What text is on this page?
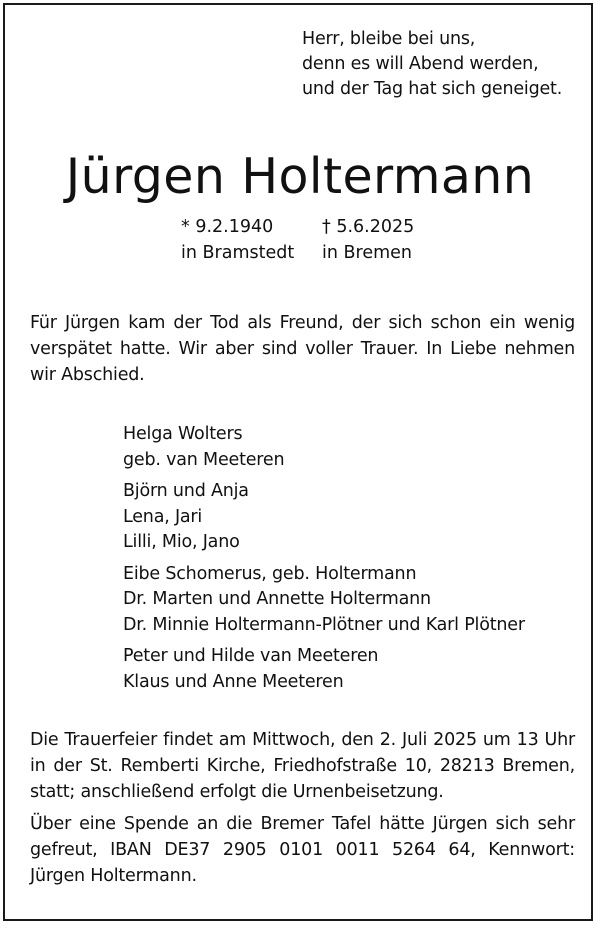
Herr, bleibe bei uns,
denn es will Abend werden,
und der Tag hat sich geneiget.
Jürgen Holtermann
* 9.2.1940
in Bramstedt
† 5.6.2025
in Bremen
Für Jürgen kam der Tod als Freund, der sich schon ein wenig verspätet hatte. Wir aber sind voller Trauer. In Liebe nehmen wir Abschied.
Helga Wolters
geb. van Meeteren
Björn und Anja
Lena, Jari
Lilli, Mio, Jano
Eibe Schomerus, geb. Holtermann
Dr. Marten und Annette Holtermann
Dr. Minnie Holtermann-Plötner und Karl Plötner
Peter und Hilde van Meeteren
Klaus und Anne Meeteren
Die Trauerfeier findet am Mittwoch, den 2. Juli 2025 um 13 Uhr in der St. Remberti Kirche, Friedhofstraße 10, 28213 Bremen, statt; anschließend erfolgt die Urnenbeisetzung.
Über eine Spende an die Bremer Tafel hätte Jürgen sich sehr gefreut, IBAN DE37 2905 0101 0011 5264 64, Kennwort: Jürgen Holtermann.
